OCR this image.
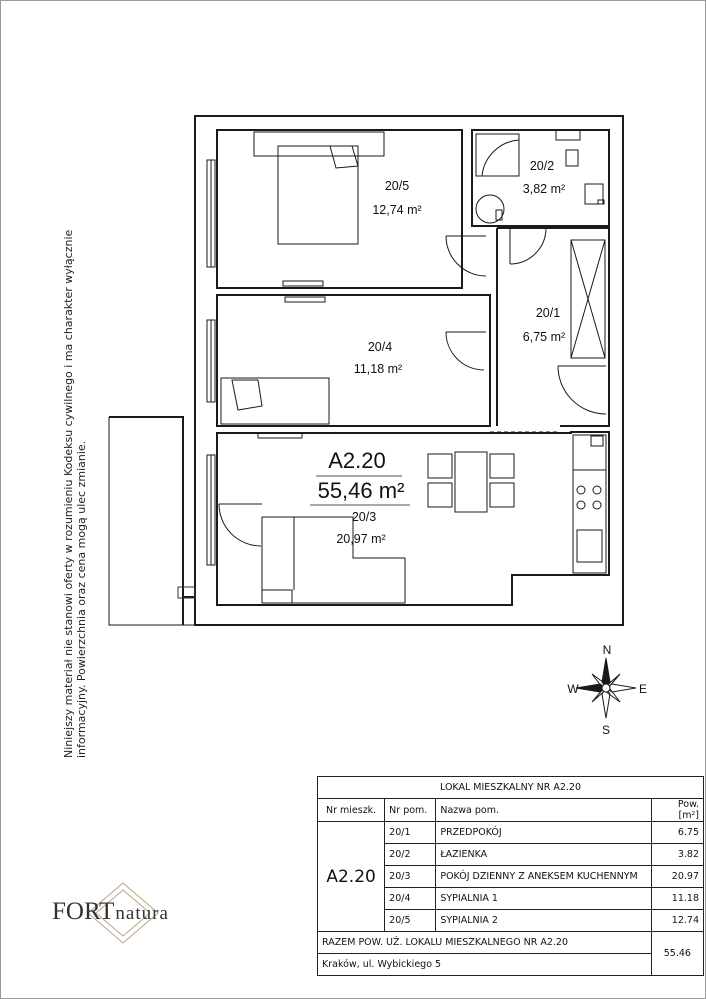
N
E
S
W
20/5
12,74 m²
20/2
3,82 m²
20/1
6,75 m²
20/4
11,18 m²
20/3
20,97 m²
A2.20
55,46 m²
Niniejszy materiał nie stanowi oferty w rozumieniu Kodeksu cywilnego i ma charakter wyłącznie informacyjny. Powierzchnia oraz cena mogą ulec zmianie.
FORTnatura
LOKAL MIESZKALNY NR A2.20			
Nr mieszk.	Nr pom.	Nazwa pom.	Pow. [m²]
A2.20	20/1	PRZEDPOKÓJ	6.75
	20/2	ŁAZIENKA	3.82
	20/3	POKÓJ DZIENNY Z ANEKSEM KUCHENNYM	20.97
	20/4	SYPIALNIA 1	11.18
	20/5	SYPIALNIA 2	12.74
RAZEM POW. UŻ. LOKALU MIESZKALNEGO NR A2.20			55.46
Kraków, ul. Wybickiego 5			
